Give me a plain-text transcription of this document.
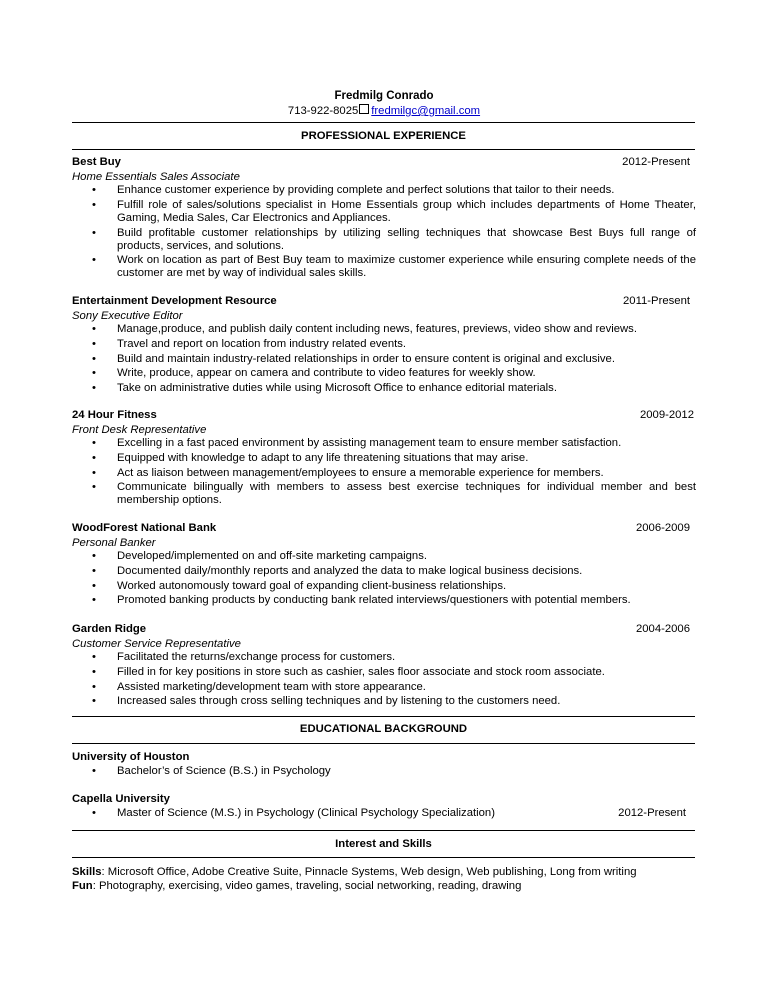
Fredmilg Conrado
713-922-8025 fredmilgc@gmail.com
PROFESSIONAL EXPERIENCE
Best Buy	2012-Present
Home Essentials Sales Associate
• Enhance customer experience by providing complete and perfect solutions that tailor to their needs.
• Fulfill role of sales/solutions specialist in Home Essentials group which includes departments of Home Theater, Gaming, Media Sales, Car Electronics and Appliances.
• Build profitable customer relationships by utilizing selling techniques that showcase Best Buys full range of products, services, and solutions.
• Work on location as part of Best Buy team to maximize customer experience while ensuring complete needs of the customer are met by way of individual sales skills.
Entertainment Development Resource	2011-Present
Sony Executive Editor
• Manage,produce, and publish daily content including news, features, previews, video show and reviews.
• Travel and report on location from industry related events.
• Build and maintain industry-related relationships in order to ensure content is original and exclusive.
• Write, produce, appear on camera and contribute to video features for weekly show.
• Take on administrative duties while using Microsoft Office to enhance editorial materials.
24 Hour Fitness	2009-2012
Front Desk Representative
• Excelling in a fast paced environment by assisting management team to ensure member satisfaction.
• Equipped with knowledge to adapt to any life threatening situations that may arise.
• Act as liaison between management/employees to ensure a memorable experience for members.
• Communicate bilingually with members to assess best exercise techniques for individual member and best membership options.
WoodForest National Bank	2006-2009
Personal Banker
• Developed/implemented on and off-site marketing campaigns.
• Documented daily/monthly reports and analyzed the data to make logical business decisions.
• Worked autonomously toward goal of expanding client-business relationships.
• Promoted banking products by conducting bank related interviews/questioners with potential members.
Garden Ridge	2004-2006
Customer Service Representative
• Facilitated the returns/exchange process for customers.
• Filled in for key positions in store such as cashier, sales floor associate and stock room associate.
• Assisted marketing/development team with store appearance.
• Increased sales through cross selling techniques and by listening to the customers need.
EDUCATIONAL BACKGROUND
University of Houston
• Bachelor’s of Science (B.S.) in Psychology
Capella University
• Master of Science (M.S.) in Psychology (Clinical Psychology Specialization)	2012-Present
Interest and Skills
Skills: Microsoft Office, Adobe Creative Suite, Pinnacle Systems, Web design, Web publishing, Long from writing
Fun: Photography, exercising, video games, traveling, social networking, reading, drawing
